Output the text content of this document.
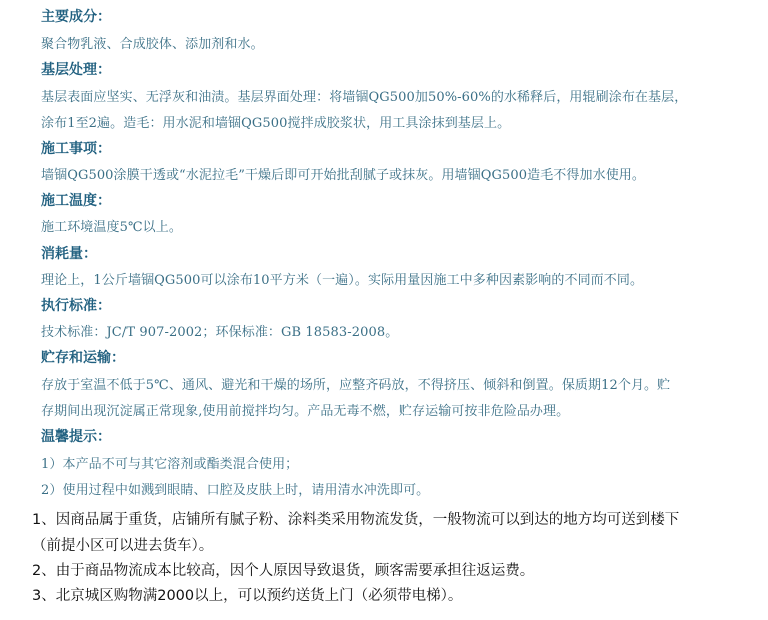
主要成分：
聚合物乳液、合成胶体、添加剂和水。
基层处理：
基层表面应坚实、无浮灰和油渍。基层界面处理：将墙锢QG500加50%-60%的水稀释后，用辊刷涂布在基层，
涂布1至2遍。造毛：用水泥和墙锢QG500搅拌成胶浆状，用工具涂抹到基层上。
施工事项：
墙锢QG500涂膜干透或“水泥拉毛”干燥后即可开始批刮腻子或抹灰。用墙锢QG500造毛不得加水使用。
施工温度：
施工环境温度5℃以上。
消耗量：
理论上，1公斤墙锢QG500可以涂布10平方米（一遍）。实际用量因施工中多种因素影响的不同而不同。
执行标准：
技术标准：JC/T 907-2002；环保标准：GB 18583-2008。
贮存和运输：
存放于室温不低于5℃、通风、避光和干燥的场所，应整齐码放，不得挤压、倾斜和倒置。保质期12个月。贮
存期间出现沉淀属正常现象,使用前搅拌均匀。产品无毒不燃，贮存运输可按非危险品办理。
温馨提示：
1）本产品不可与其它溶剂或酯类混合使用；
2）使用过程中如溅到眼睛、口腔及皮肤上时，请用清水冲洗即可。
1、因商品属于重货，店铺所有腻子粉、涂料类采用物流发货，一般物流可以到达的地方均可送到楼下
（前提小区可以进去货车）。
2、由于商品物流成本比较高，因个人原因导致退货，顾客需要承担往返运费。
3、北京城区购物满2000以上，可以预约送货上门（必须带电梯）。
